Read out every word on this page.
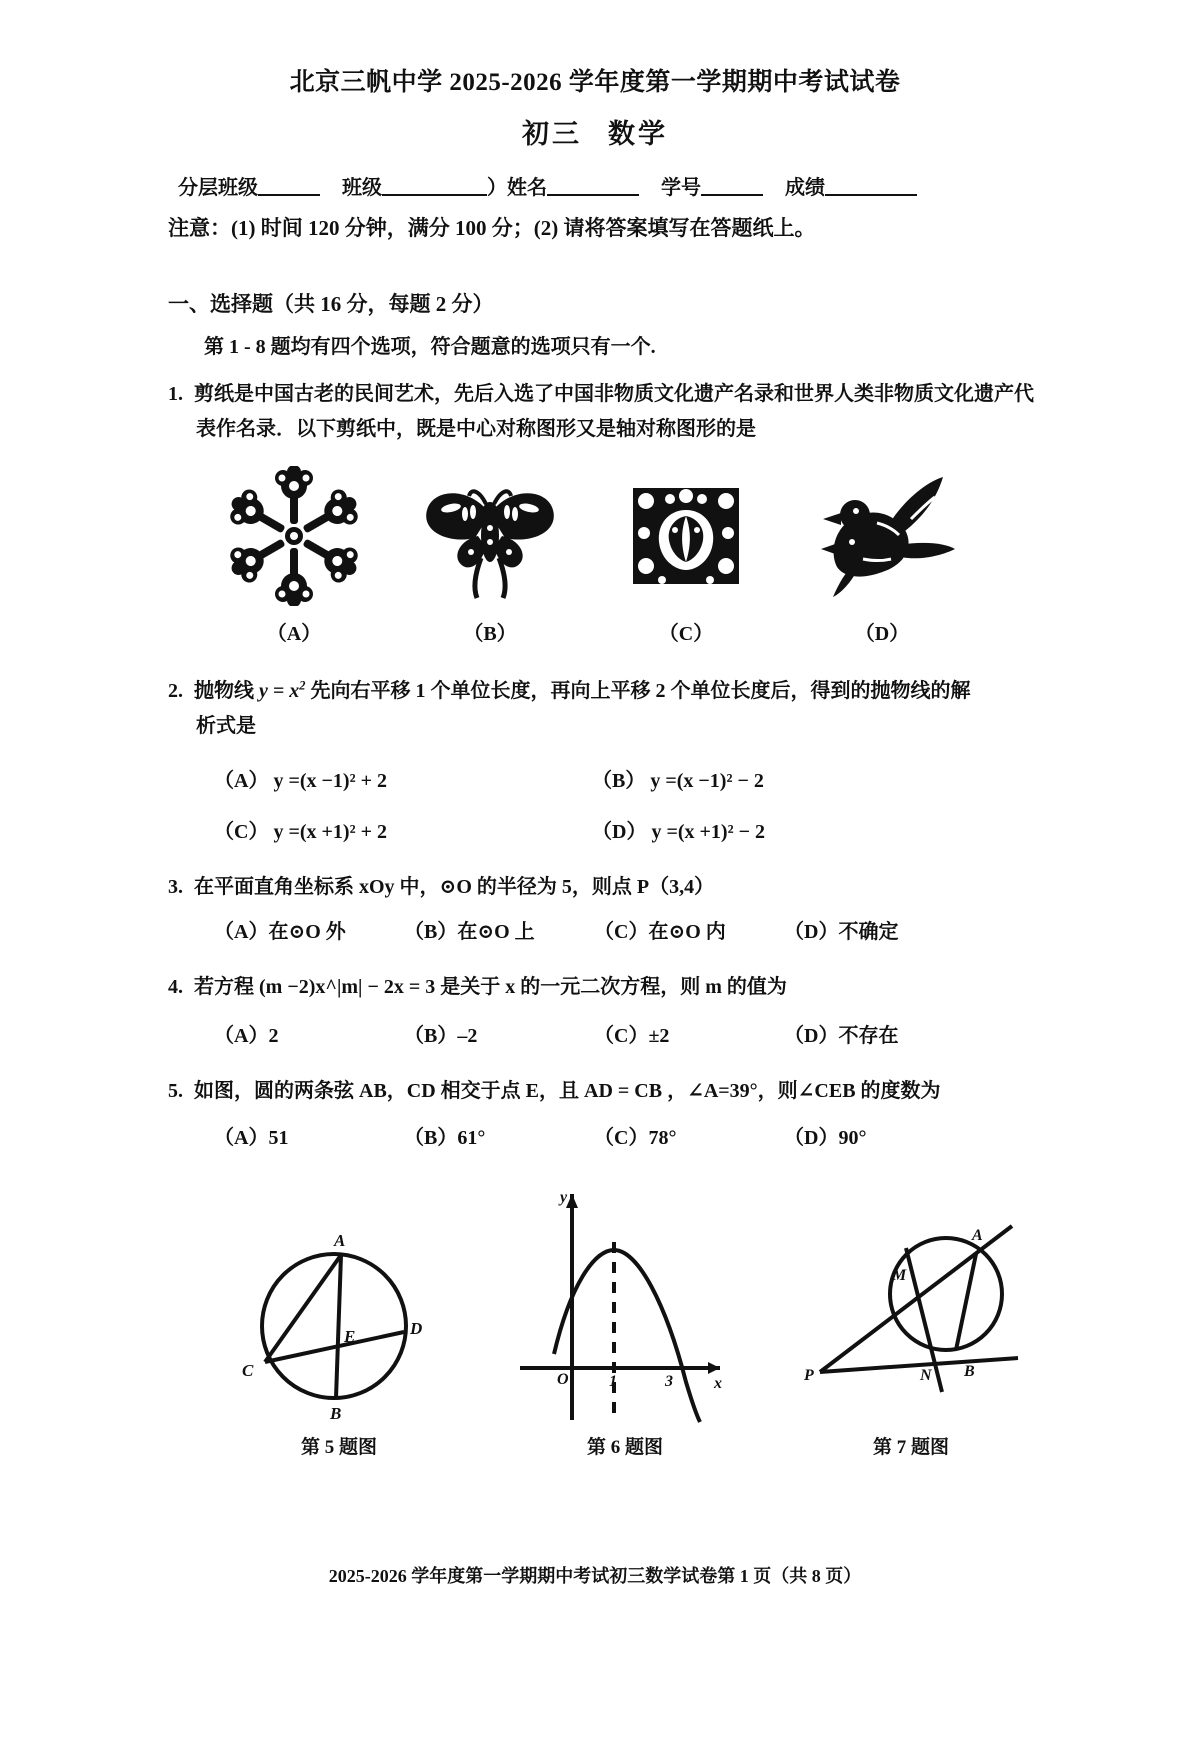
北京三帆中学 2025-2026 学年度第一学期期中考试试卷
初三 数学
分层班级	班级	）姓名	学号	成绩
注意：(1) 时间 120 分钟，满分 100 分；(2) 请将答案填写在答题纸上。
一、选择题（共 16 分，每题 2 分）
第 1 - 8 题均有四个选项，符合题意的选项只有一个.
1. 剪纸是中国古老的民间艺术，先后入选了中国非物质文化遗产名录和世界人类非物质文化遗产代
表作名录．以下剪纸中，既是中心对称图形又是轴对称图形的是
（A）	（B）	（C）	（D）
2. 抛物线 $y = x^2$ 先向右平移 1 个单位长度，再向上平移 2 个单位长度后，得到的抛物线的解
析式是
（A） y =(x −1)² + 2	（B） y =(x −1)² − 2
（C） y =(x +1)² + 2	（D） y =(x +1)² − 2
3. 在平面直角坐标系 xOy 中，⊙O 的半径为 5，则点 P（3,4）
（A）在⊙O 外	（B）在⊙O 上	（C）在⊙O 内	（D）不确定
4. 若方程 (m −2)x^|m| − 2x = 3 是关于 x 的一元二次方程，则 m 的值为
（A）2	（B）–2	（C）±2	（D）不存在
5. 如图，圆的两条弦 AB，CD 相交于点 E，且 AD = CB ，∠A=39°，则∠CEB 的度数为
（A）51	（B）61°	（C）78°	（D）90°
A
B
C
D
E
第 5 题图
O	1	3
y
x
第 6 题图
A
B
M
N
P
第 7 题图
2025-2026 学年度第一学期期中考试初三数学试卷第 1 页（共 8 页）
